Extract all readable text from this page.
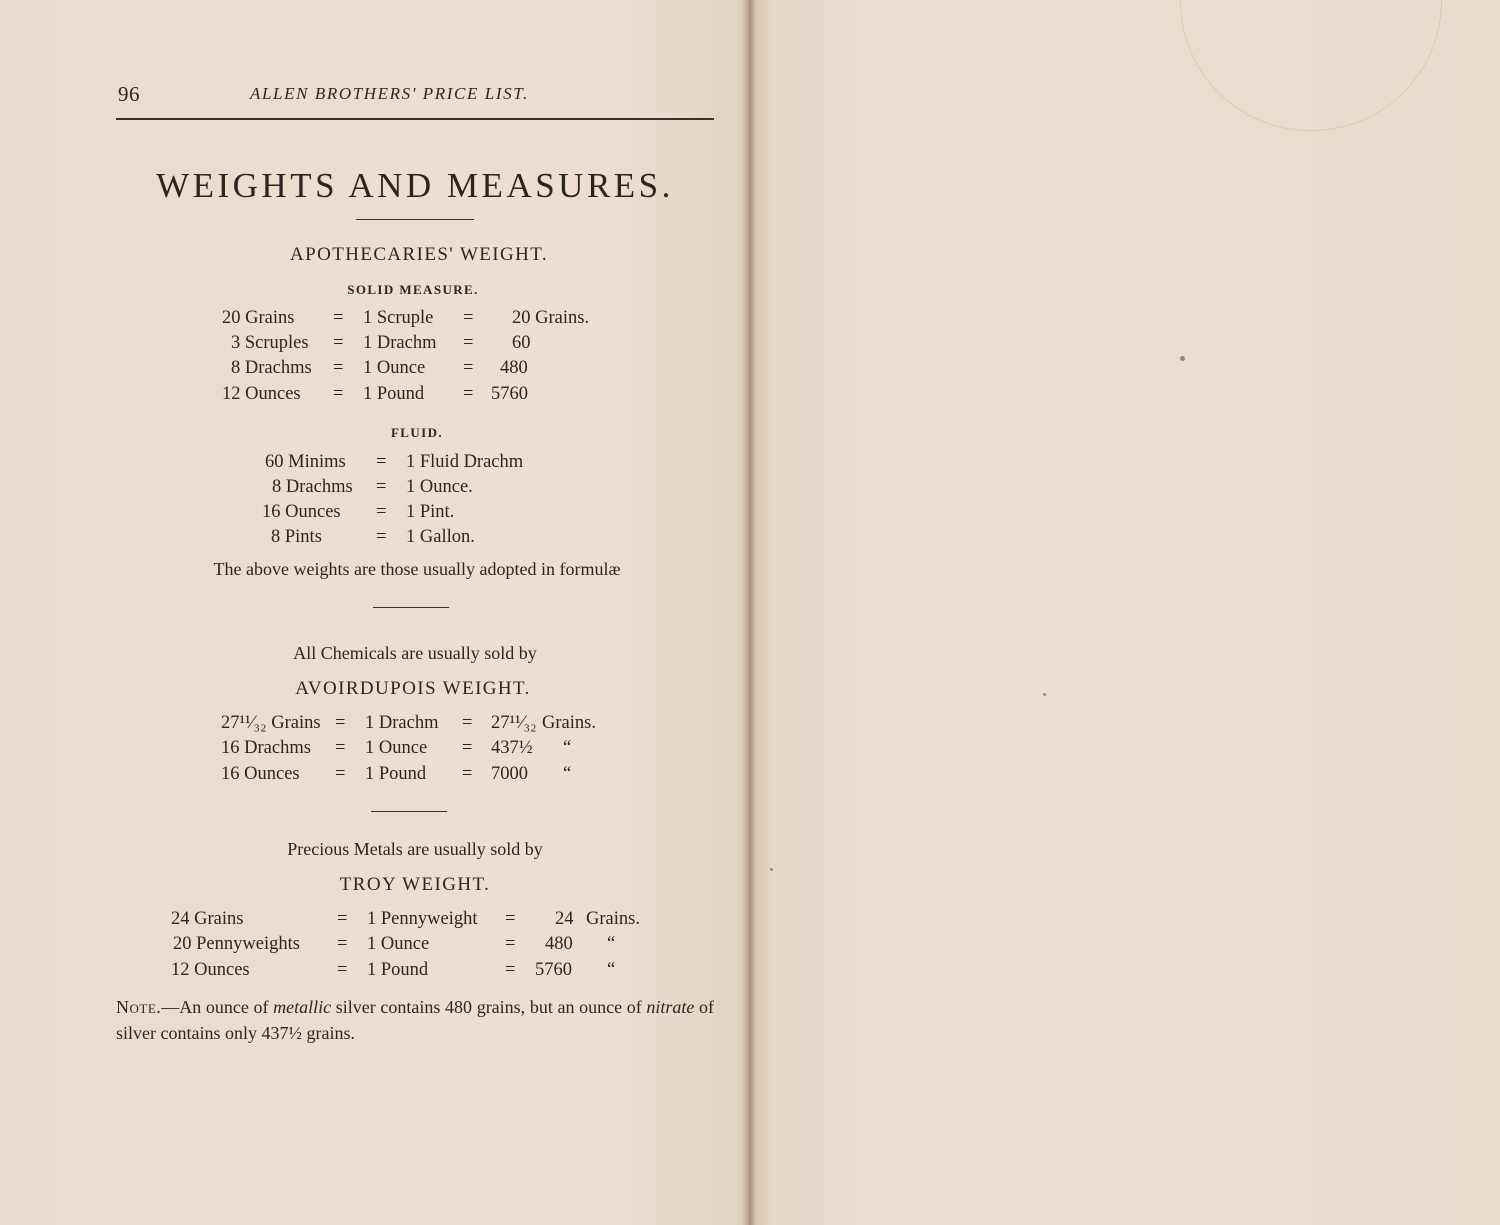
96	ALLEN BROTHERS' PRICE LIST.
WEIGHTS AND MEASURES.
APOTHECARIES' WEIGHT.
SOLID MEASURE.
20 Grains = 1 Scruple = 20 Grains.
3 Scruples = 1 Drachm = 60
8 Drachms = 1 Ounce = 480
12 Ounces = 1 Pound = 5760
FLUID.
60 Minims = 1 Fluid Drachm
8 Drachms = 1 Ounce.
16 Ounces = 1 Pint.
8 Pints	= 1 Gallon.
The above weights are those usually adopted in formulæ
All Chemicals are usually sold by
AVOIRDUPOIS WEIGHT.
27¹¹⁄₃₂ Grains = 1 Drachm = 27¹¹⁄₃₂ Grains.
16 Drachms = 1 Ounce = 437½ “
16 Ounces = 1 Pound = 7000 “
Precious Metals are usually sold by
TROY WEIGHT.
24 Grains	= 1 Pennyweight = 24 Grains.
20 Pennyweights = 1 Ounce	= 480 “
12 Ounces	= 1 Pound	= 5760 “
Note.—An ounce of metallic silver contains 480 grains, but an ounce of nitrate of silver contains only 437½ grains.
